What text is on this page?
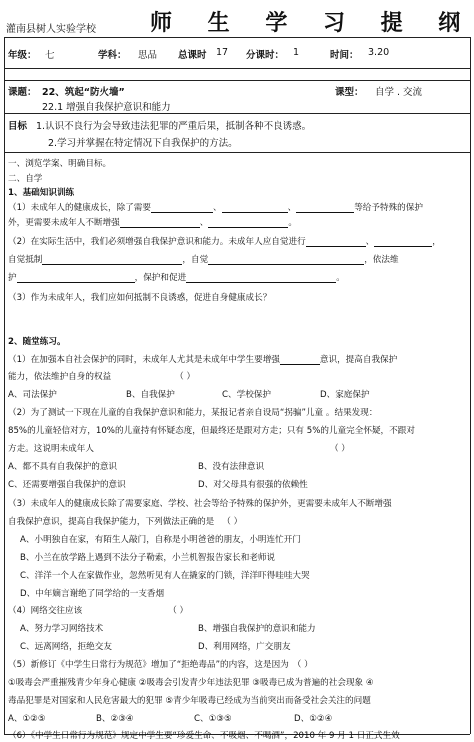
灌南县树人实验学校 师 生 学 习 提 纲
年级： 七	学科： 思品 总课时 17 分课时： 1	时间： 3.20
课题： 22、筑起“防火墙”
22.1 增强自我保护意识和能力
课型： 自学 . 交流
目标 1.认识不良行为会导致违法犯罪的严重后果，抵制各种不良诱惑。
2.学习并掌握在特定情况下自我保护的方法。
一、浏览学案、明确目标。
二、自学
1、基础知识训练
（1）未成年人的健康成长，除了需要	、	、	等给予特殊的保护
外，更需要未成年人不断增强	、	。
（2）在实际生活中，我们必须增强自我保护意识和能力。未成年人应自觉进行	、	，
自觉抵制	，自觉	，依法维
护	，保护和促进	。
（3）作为未成年人，我们应如何抵制不良诱惑，促进自身健康成长？
2、随堂练习。
（1）在加强本自社会保护的同时，未成年人尤其是未成年中学生要增强	意识，提高自我保护
能力，依法维护自身的权益	（ ）
A、司法保护	B、自我保护	C、学校保护	D、家庭保护
（2）为了测试一下现在儿童的自我保护意识和能力，某报记者亲自设局“拐骗”儿童 。结果发现：
85%的儿童轻信对方，10%的儿童持有怀疑态度，但最终还是跟对方走；只有 5%的儿童完全怀疑，不跟对
方走。这说明未成年人	（ ）
A、都不具有自我保护的意识	B、没有法律意识
C、还需要增强自我保护的意识	D、对父母具有很强的依赖性
（3）未成年人的健康成长除了需要家庭、学校、社会等给予特殊的保护外，更需要未成年人不断增强
自我保护意识，提高自我保护能力，下列做法正确的是 （ ）
A、小明独自在家，有陌生人敲门，自称是小明爸爸的朋友，小明连忙开门
B、小兰在放学路上遇到不法分子勒索，小兰机智报告家长和老师说
C、洋洋一个人在家做作业，忽然听见有人在撬家的门锁，洋洋吓得哇哇大哭
D、中年嫡言谢绝了同学给的一支香烟
（4）网络交往应该	（ ）
A、努力学习网络技术	B、增强自我保护的意识和能力
C、远离网络，拒绝交友	D、利用网络，广交朋友
（5）新修订《中学生日常行为规范》增加了“拒绝毒品”的内容，这是因为 （ ）
①吸毒会严重摧残青少年身心健康 ②吸毒会引发青少年违法犯罪 ③吸毒已成为普遍的社会现象 ④
毒品犯罪是对国家和人民危害最大的犯罪 ⑤青少年吸毒已经成为当前突出而备受社会关注的问题
A、①②⑤	B、②③④	C、①③⑤	D、①②④
（6）《中学生日常行为规范》规定中学生要“珍爱生命、不吸烟、不喝酒”，2010 年 9 月 1 日正式生效
